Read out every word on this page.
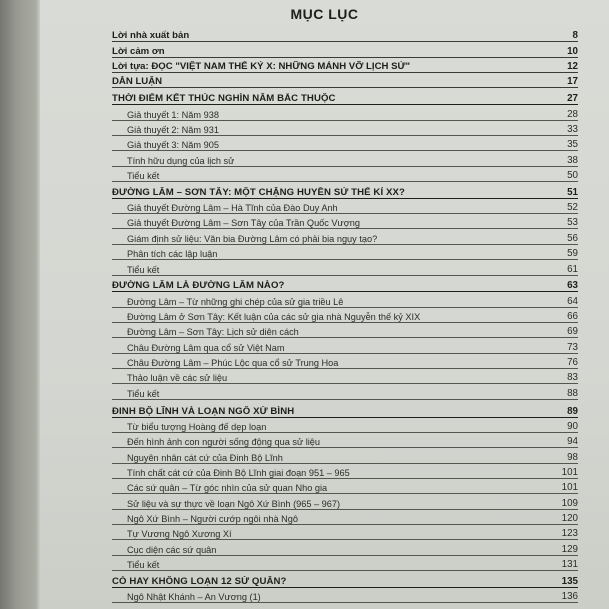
MỤC LỤC
Lời nhà xuất bản	8
Lời cảm ơn	10
Lời tựa: ĐỌC "VIỆT NAM THẾ KỶ X: NHỮNG MẢNH VỠ LỊCH SỬ"	12
DẪN LUẬN	17
THỜI ĐIỂM KẾT THÚC NGHÌN NĂM BẮC THUỘC	27
Giả thuyết 1: Năm 938	28
Giả thuyết 2: Năm 931	33
Giả thuyết 3: Năm 905	35
Tính hữu dụng của lịch sử	38
Tiểu kết	50
ĐƯỜNG LÂM – SƠN TÂY: MỘT CHẶNG HUYỀN SỬ THẾ KỈ XX?	51
Giả thuyết Đường Lâm – Hà Tĩnh của Đào Duy Anh	52
Giả thuyết Đường Lâm – Sơn Tây của Trần Quốc Vượng	53
Giám định sử liệu: Văn bia Đường Lâm có phải bia ngụy tạo?	56
Phân tích các lập luận	59
Tiểu kết	61
ĐƯỜNG LÂM LÀ ĐƯỜNG LÂM NÀO?	63
Đường Lâm – Từ những ghi chép của sử gia triều Lê	64
Đường Lâm ở Sơn Tây: Kết luận của các sử gia nhà Nguyễn thế kỷ XIX	66
Đường Lâm – Sơn Tây: Lịch sử diên cách	69
Châu Đường Lâm qua cổ sử Việt Nam	73
Châu Đường Lâm – Phúc Lộc qua cổ sử Trung Hoa	76
Thảo luận về các sử liệu	83
Tiểu kết	88
ĐINH BỘ LĨNH VÀ LOẠN NGÔ XỨ BÌNH	89
Từ biểu tượng Hoàng đế dẹp loạn	90
Đến hình ảnh con người sống động qua sử liệu	94
Nguyên nhân cát cứ của Đinh Bộ Lĩnh	98
Tính chất cát cứ của Đinh Bộ Lĩnh giai đoạn 951 – 965	101
Các sứ quân – Từ góc nhìn của sử quan Nho gia	101
Sử liệu và sự thực về loạn Ngô Xứ Bình (965 – 967)	109
Ngô Xứ Bình – Người cướp ngôi nhà Ngô	120
Tự Vương Ngô Xương Xí	123
Cục diện các sứ quân	129
Tiểu kết	131
CÓ HAY KHÔNG LOẠN 12 SỨ QUÂN?	135
Ngô Nhật Khánh – An Vương (1)	136
